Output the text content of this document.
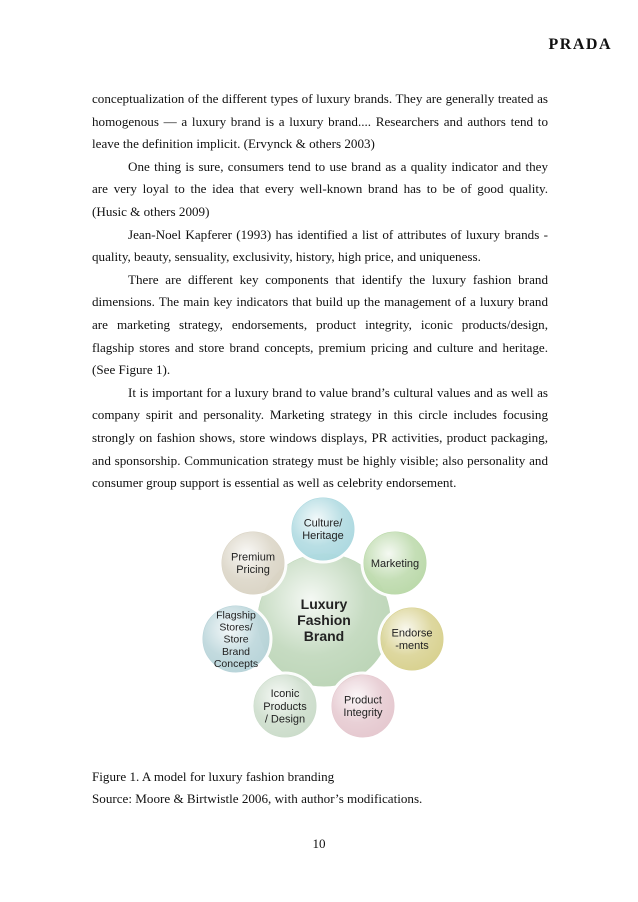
PRADA

conceptualization of the different types of luxury brands. They are generally treated as homogenous — a luxury brand is a luxury brand.... Researchers and authors tend to leave the definition implicit. (Ervynck & others 2003)

One thing is sure, consumers tend to use brand as a quality indicator and they are very loyal to the idea that every well-known brand has to be of good quality. (Husic & others 2009)

Jean-Noel Kapferer (1993) has identified a list of attributes of luxury brands - quality, beauty, sensuality, exclusivity, history, high price, and uniqueness.

There are different key components that identify the luxury fashion brand dimensions. The main key indicators that build up the management of a luxury brand are marketing strategy, endorsements, product integrity, iconic products/design, flagship stores and store brand concepts, premium pricing and culture and heritage. (See Figure 1).

It is important for a luxury brand to value brand’s cultural values and as well as company spirit and personality. Marketing strategy in this circle includes focusing strongly on fashion shows, store windows displays, PR activities, product packaging, and sponsorship. Communication strategy must be highly visible; also personality and consumer group support is essential as well as celebrity endorsement.

Luxury
Fashion
Brand
Culture/
Heritage
Marketing
Endorse
-ments
Product
Integrity
Iconic
Products
/ Design
Flagship
Stores/
Store
Brand
Concepts
Premium
Pricing
Figure 1. A model for luxury fashion branding
Source: Moore & Birtwistle 2006, with author’s modifications.
10
